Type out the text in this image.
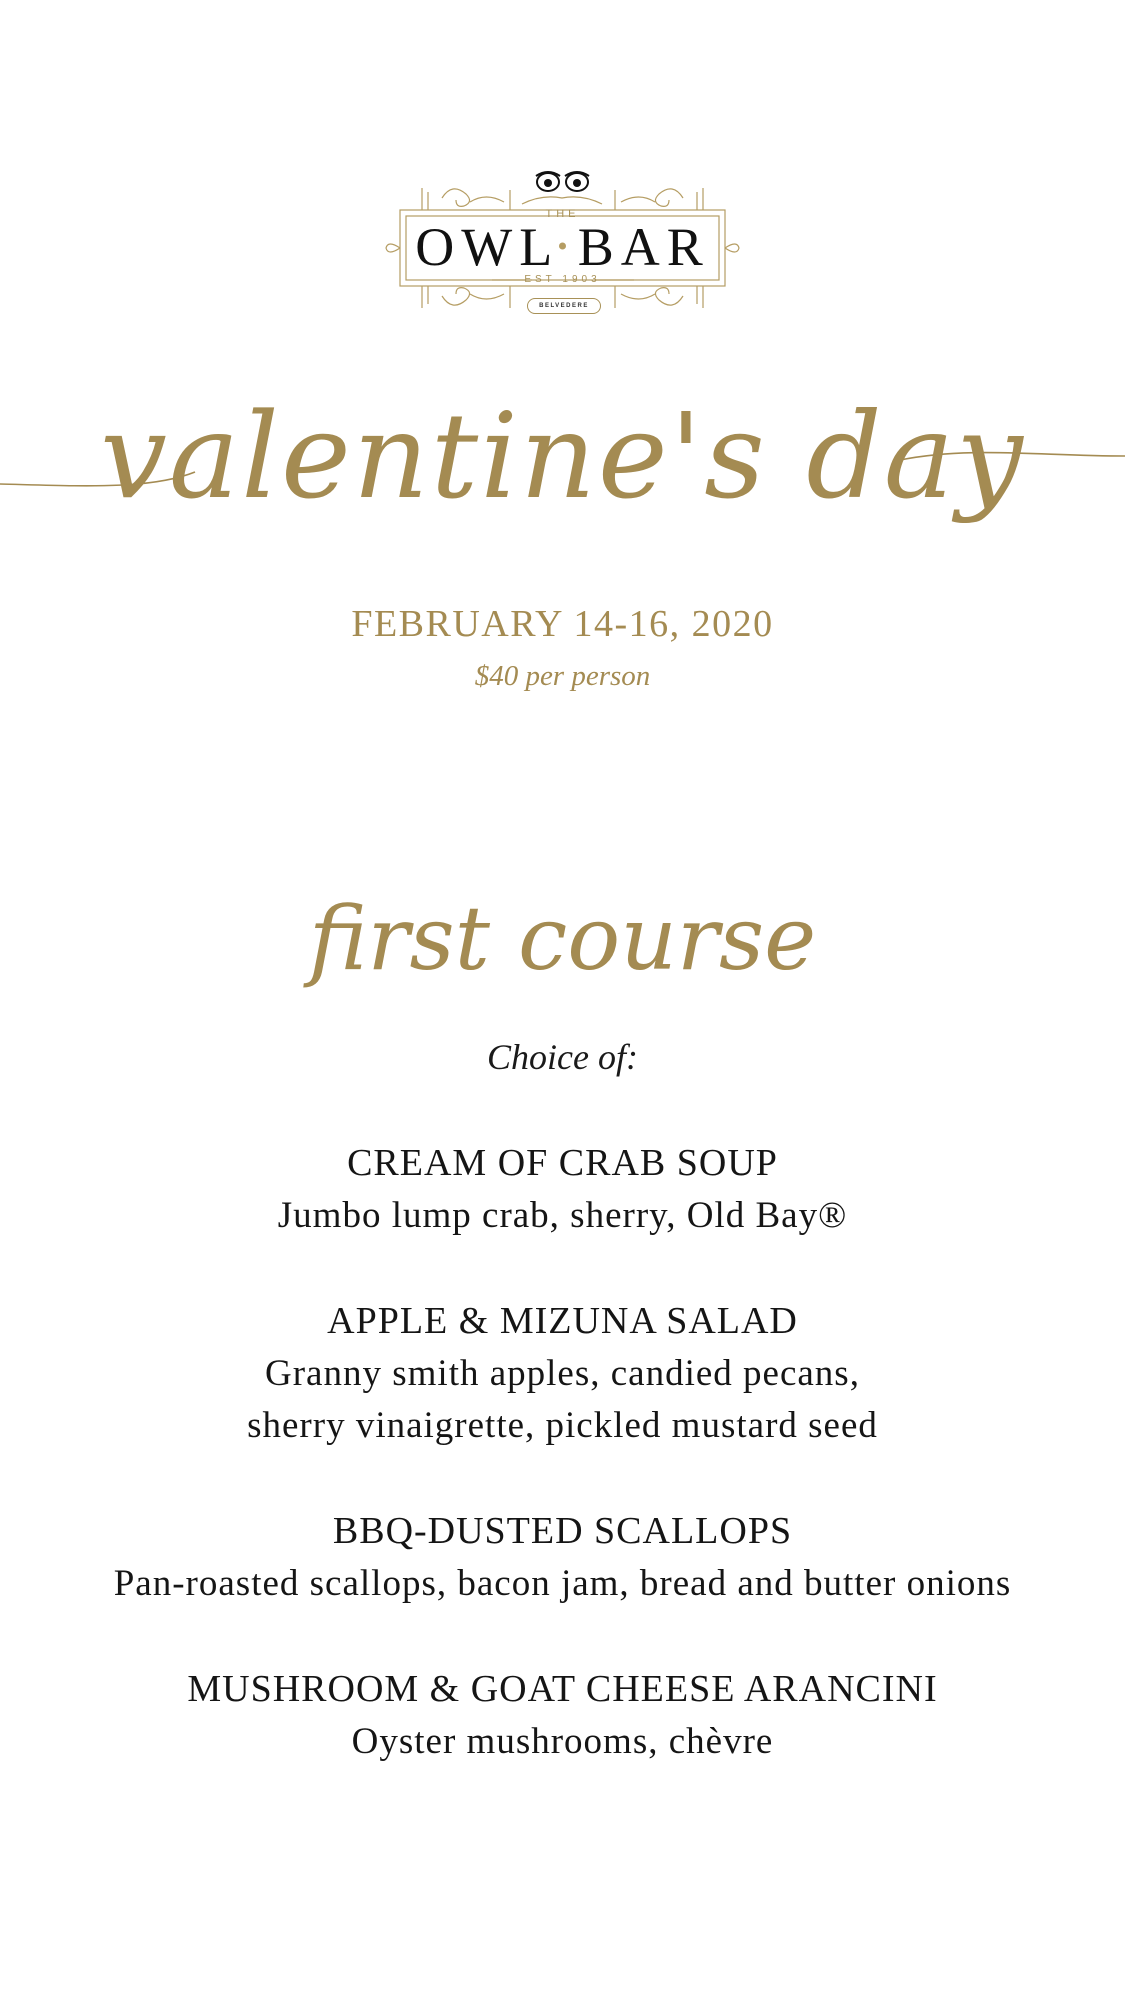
THE
OWL BAR
EST 1903
BELVEDERE
valentine's day
FEBRUARY 14-16, 2020
$40 per person
first course
Choice of:
CREAM OF CRAB SOUP
Jumbo lump crab, sherry, Old Bay®
APPLE & MIZUNA SALAD
Granny smith apples, candied pecans,
sherry vinaigrette, pickled mustard seed
BBQ-DUSTED SCALLOPS
Pan-roasted scallops, bacon jam, bread and butter onions
MUSHROOM & GOAT CHEESE ARANCINI
Oyster mushrooms, chèvre
